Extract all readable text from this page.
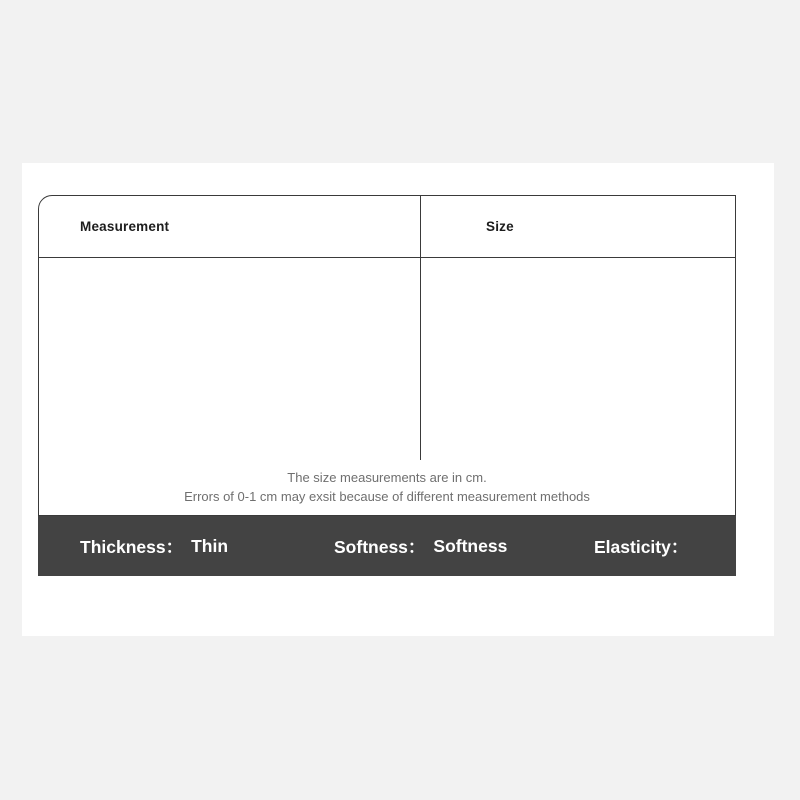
Measurement	Size
The size measurements are in cm.
Errors of 0-1 cm may exsit because of different measurement methods
Thickness： Thin	Softness： Softness	Elasticity：
